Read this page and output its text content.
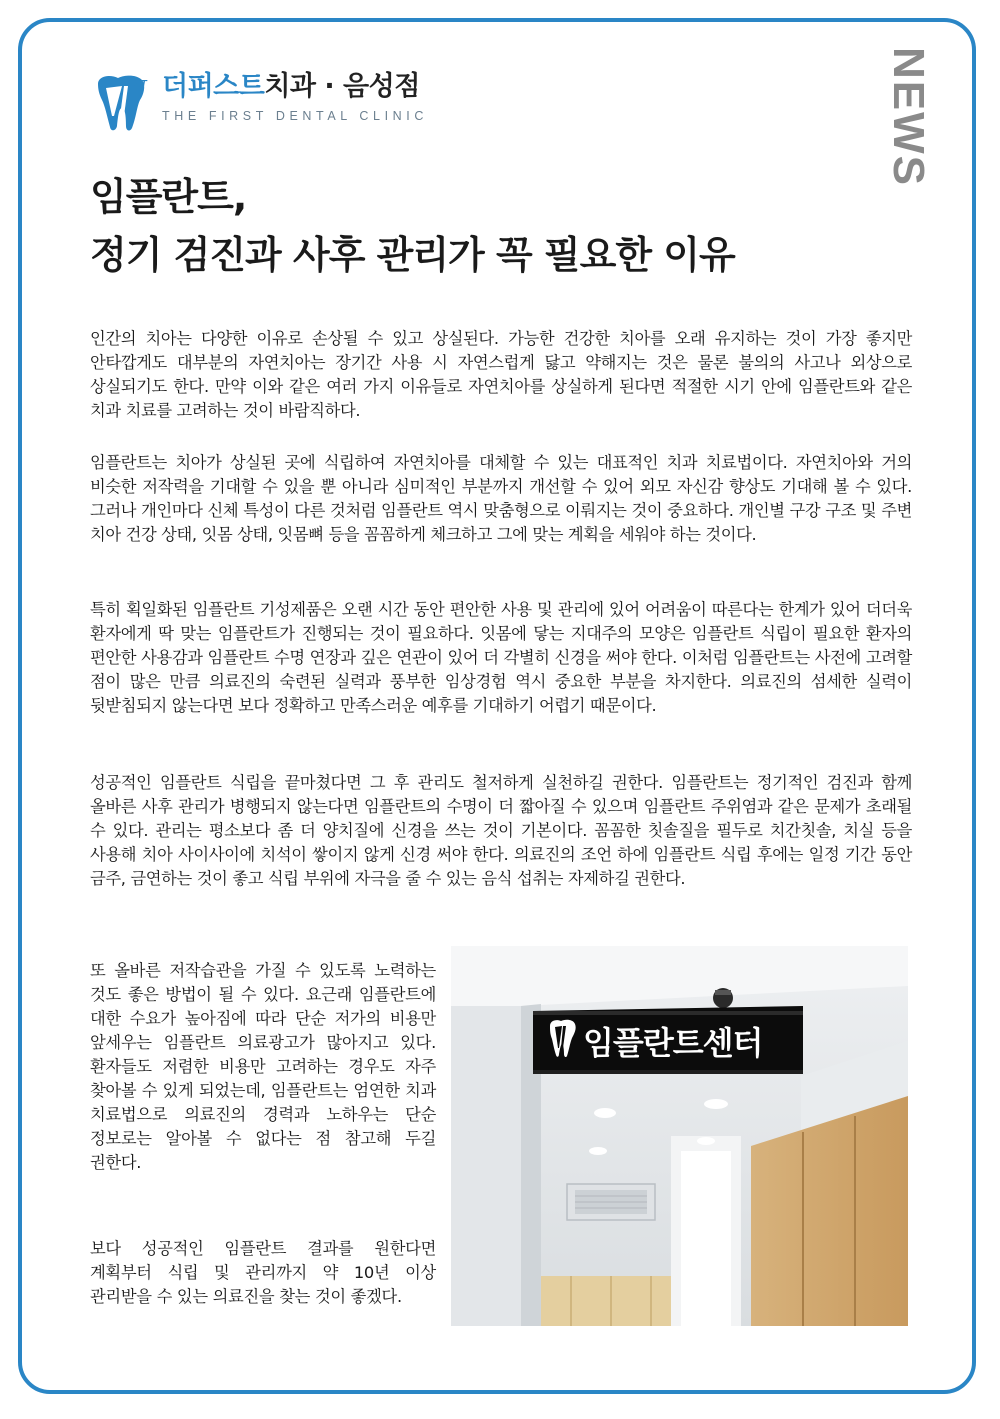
ST 더퍼스트치과 · 음성점
THE FIRST DENTAL CLINIC	NEWS
임플란트,
정기 검진과 사후 관리가 꼭 필요한 이유
인간의 치아는 다양한 이유로 손상될 수 있고 상실된다. 가능한 건강한 치아를 오래 유지하는 것이 가장 좋지만 안타깝게도 대부분의 자연치아는 장기간 사용 시 자연스럽게 닳고 약해지는 것은 물론 불의의 사고나 외상으로 상실되기도 한다. 만약 이와 같은 여러 가지 이유들로 자연치아를 상실하게 된다면 적절한 시기 안에 임플란트와 같은 치과 치료를 고려하는 것이 바람직하다.
임플란트는 치아가 상실된 곳에 식립하여 자연치아를 대체할 수 있는 대표적인 치과 치료법이다. 자연치아와 거의 비슷한 저작력을 기대할 수 있을 뿐 아니라 심미적인 부분까지 개선할 수 있어 외모 자신감 향상도 기대해 볼 수 있다. 그러나 개인마다 신체 특성이 다른 것처럼 임플란트 역시 맞춤형으로 이뤄지는 것이 중요하다. 개인별 구강 구조 및 주변 치아 건강 상태, 잇몸 상태, 잇몸뼈 등을 꼼꼼하게 체크하고 그에 맞는 계획을 세워야 하는 것이다.
특히 획일화된 임플란트 기성제품은 오랜 시간 동안 편안한 사용 및 관리에 있어 어려움이 따른다는 한계가 있어 더더욱 환자에게 딱 맞는 임플란트가 진행되는 것이 필요하다. 잇몸에 닿는 지대주의 모양은 임플란트 식립이 필요한 환자의 편안한 사용감과 임플란트 수명 연장과 깊은 연관이 있어 더 각별히 신경을 써야 한다. 이처럼 임플란트는 사전에 고려할 점이 많은 만큼 의료진의 숙련된 실력과 풍부한 임상경험 역시 중요한 부분을 차지한다. 의료진의 섬세한 실력이 뒷받침되지 않는다면 보다 정확하고 만족스러운 예후를 기대하기 어렵기 때문이다.
성공적인 임플란트 식립을 끝마쳤다면 그 후 관리도 철저하게 실천하길 권한다. 임플란트는 정기적인 검진과 함께 올바른 사후 관리가 병행되지 않는다면 임플란트의 수명이 더 짧아질 수 있으며 임플란트 주위염과 같은 문제가 초래될 수 있다. 관리는 평소보다 좀 더 양치질에 신경을 쓰는 것이 기본이다. 꼼꼼한 칫솔질을 필두로 치간칫솔, 치실 등을 사용해 치아 사이사이에 치석이 쌓이지 않게 신경 써야 한다. 의료진의 조언 하에 임플란트 식립 후에는 일정 기간 동안 금주, 금연하는 것이 좋고 식립 부위에 자극을 줄 수 있는 음식 섭취는 자제하길 권한다.
또 올바른 저작습관을 가질 수 있도록 노력하는 것도 좋은 방법이 될 수 있다. 요근래 임플란트에 대한 수요가 높아짐에 따라 단순 저가의 비용만 앞세우는 임플란트 의료광고가 많아지고 있다. 환자들도 저렴한 비용만 고려하는 경우도 자주 찾아볼 수 있게 되었는데, 임플란트는 엄연한 치과 치료법으로 의료진의 경력과 노하우는 단순 정보로는 알아볼 수 없다는 점 참고해 두길 권한다.
보다 성공적인 임플란트 결과를 원한다면 계획부터 식립 및 관리까지 약 10년 이상 관리받을 수 있는 의료진을 찾는 것이 좋겠다.
임플란트센터
